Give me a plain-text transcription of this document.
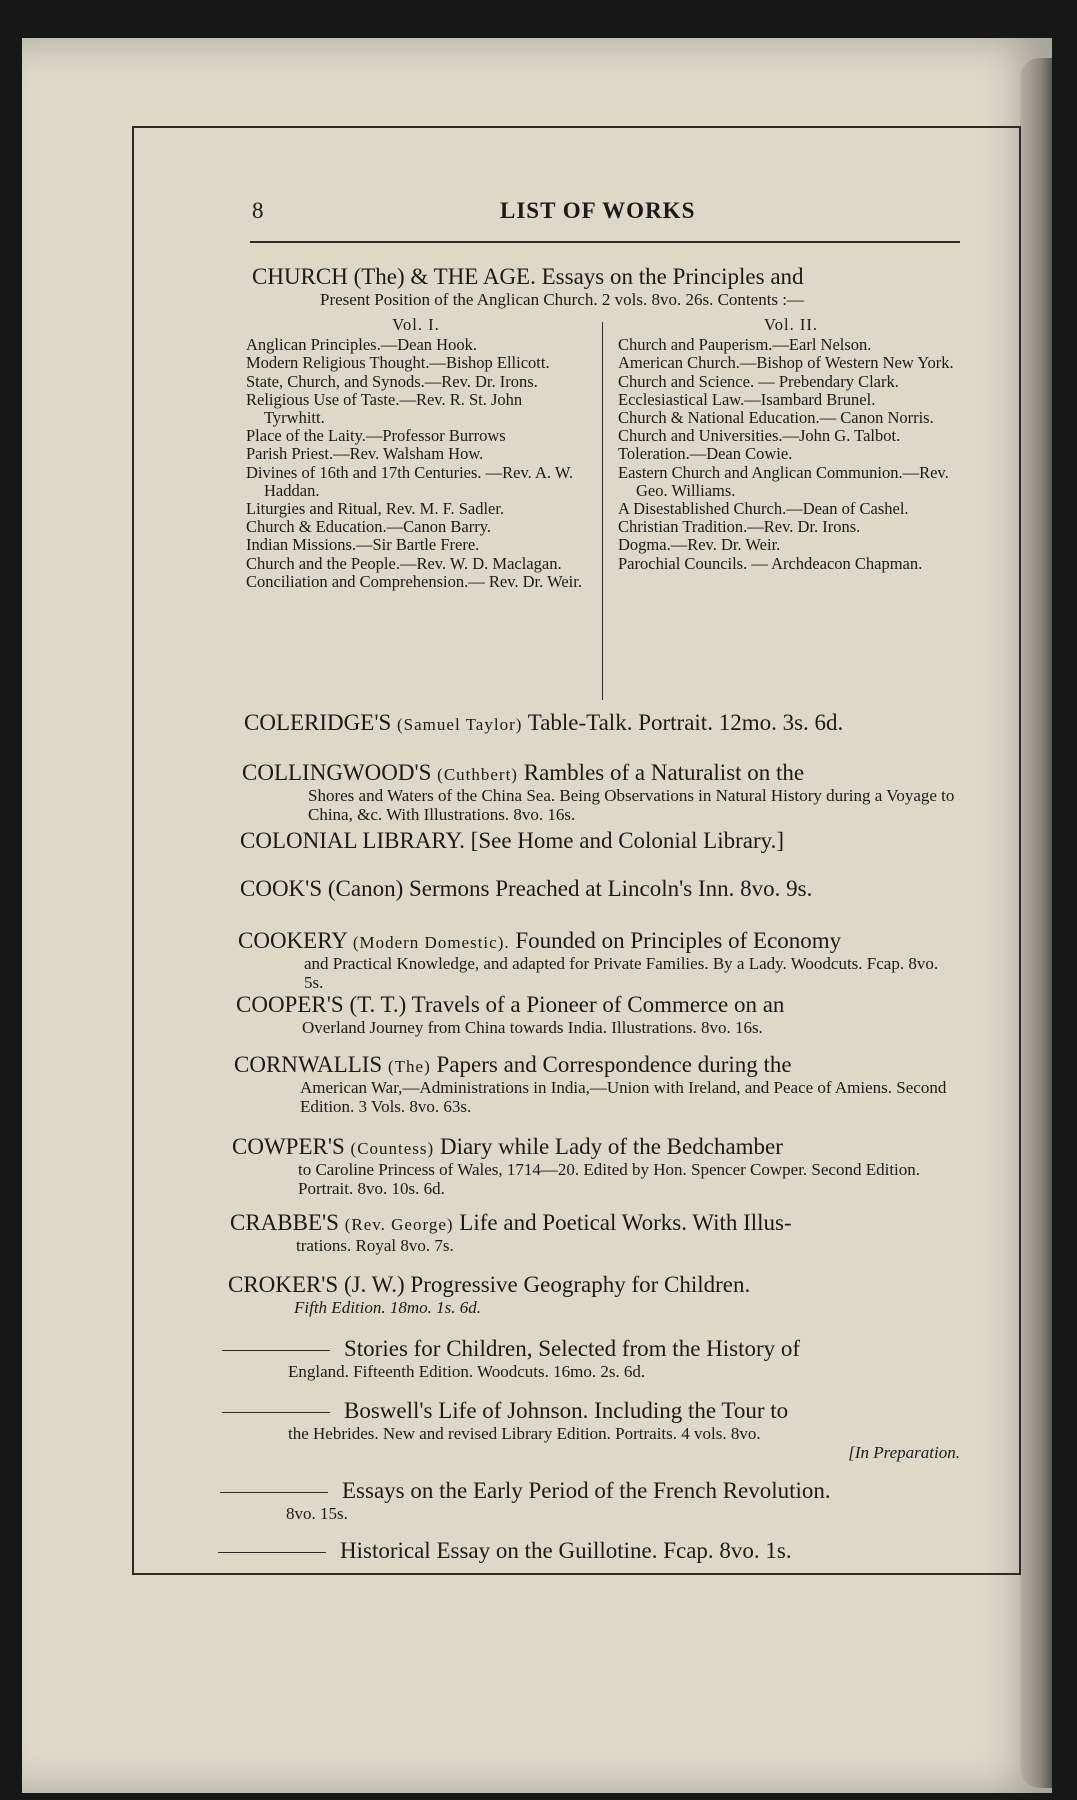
8	LIST OF WORKS
CHURCH (The) & THE AGE. Essays on the Principles and
Present Position of the Anglican Church. 2 vols. 8vo. 26s. Contents :—
Vol. I.
Anglican Principles.—Dean Hook.
Modern Religious Thought.—Bishop Ellicott.
State, Church, and Synods.—Rev. Dr. Irons.
Religious Use of Taste.—Rev. R. St. John Tyrwhitt.
Place of the Laity.—Professor Burrows
Parish Priest.—Rev. Walsham How.
Divines of 16th and 17th Centuries. —Rev. A. W. Haddan.
Liturgies and Ritual, Rev. M. F. Sadler.
Church & Education.—Canon Barry.
Indian Missions.—Sir Bartle Frere.
Church and the People.—Rev. W. D. Maclagan.
Conciliation and Comprehension.— Rev. Dr. Weir.
Vol. II.
Church and Pauperism.—Earl Nelson.
American Church.—Bishop of Western New York.
Church and Science. — Prebendary Clark.
Ecclesiastical Law.—Isambard Brunel.
Church & National Education.— Canon Norris.
Church and Universities.—John G. Talbot.
Toleration.—Dean Cowie.
Eastern Church and Anglican Communion.—Rev. Geo. Williams.
A Disestablished Church.—Dean of Cashel.
Christian Tradition.—Rev. Dr. Irons.
Dogma.—Rev. Dr. Weir.
Parochial Councils. — Archdeacon Chapman.
COLERIDGE'S (Samuel Taylor) Table-Talk. Portrait. 12mo. 3s. 6d.
COLLINGWOOD'S (Cuthbert) Rambles of a Naturalist on the
Shores and Waters of the China Sea. Being Observations in Natural History during a Voyage to China, &c. With Illustrations. 8vo. 16s.
COLONIAL LIBRARY. [See Home and Colonial Library.]
COOK'S (Canon) Sermons Preached at Lincoln's Inn. 8vo. 9s.
COOKERY (Modern Domestic). Founded on Principles of Economy
and Practical Knowledge, and adapted for Private Families. By a Lady. Woodcuts. Fcap. 8vo. 5s.
COOPER'S (T. T.) Travels of a Pioneer of Commerce on an
Overland Journey from China towards India. Illustrations. 8vo. 16s.
CORNWALLIS (The) Papers and Correspondence during the
American War,—Administrations in India,—Union with Ireland, and Peace of Amiens. Second Edition. 3 Vols. 8vo. 63s.
COWPER'S (Countess) Diary while Lady of the Bedchamber
to Caroline Princess of Wales, 1714—20. Edited by Hon. Spencer Cowper. Second Edition. Portrait. 8vo. 10s. 6d.
CRABBE'S (Rev. George) Life and Poetical Works. With Illus-
trations. Royal 8vo. 7s.
CROKER'S (J. W.) Progressive Geography for Children.
Fifth Edition. 18mo. 1s. 6d.
Stories for Children, Selected from the History of
England. Fifteenth Edition. Woodcuts. 16mo. 2s. 6d.
Boswell's Life of Johnson. Including the Tour to
the Hebrides. New and revised Library Edition. Portraits. 4 vols. 8vo.
[In Preparation.
Essays on the Early Period of the French Revolution.
8vo. 15s.
Historical Essay on the Guillotine. Fcap. 8vo. 1s.
